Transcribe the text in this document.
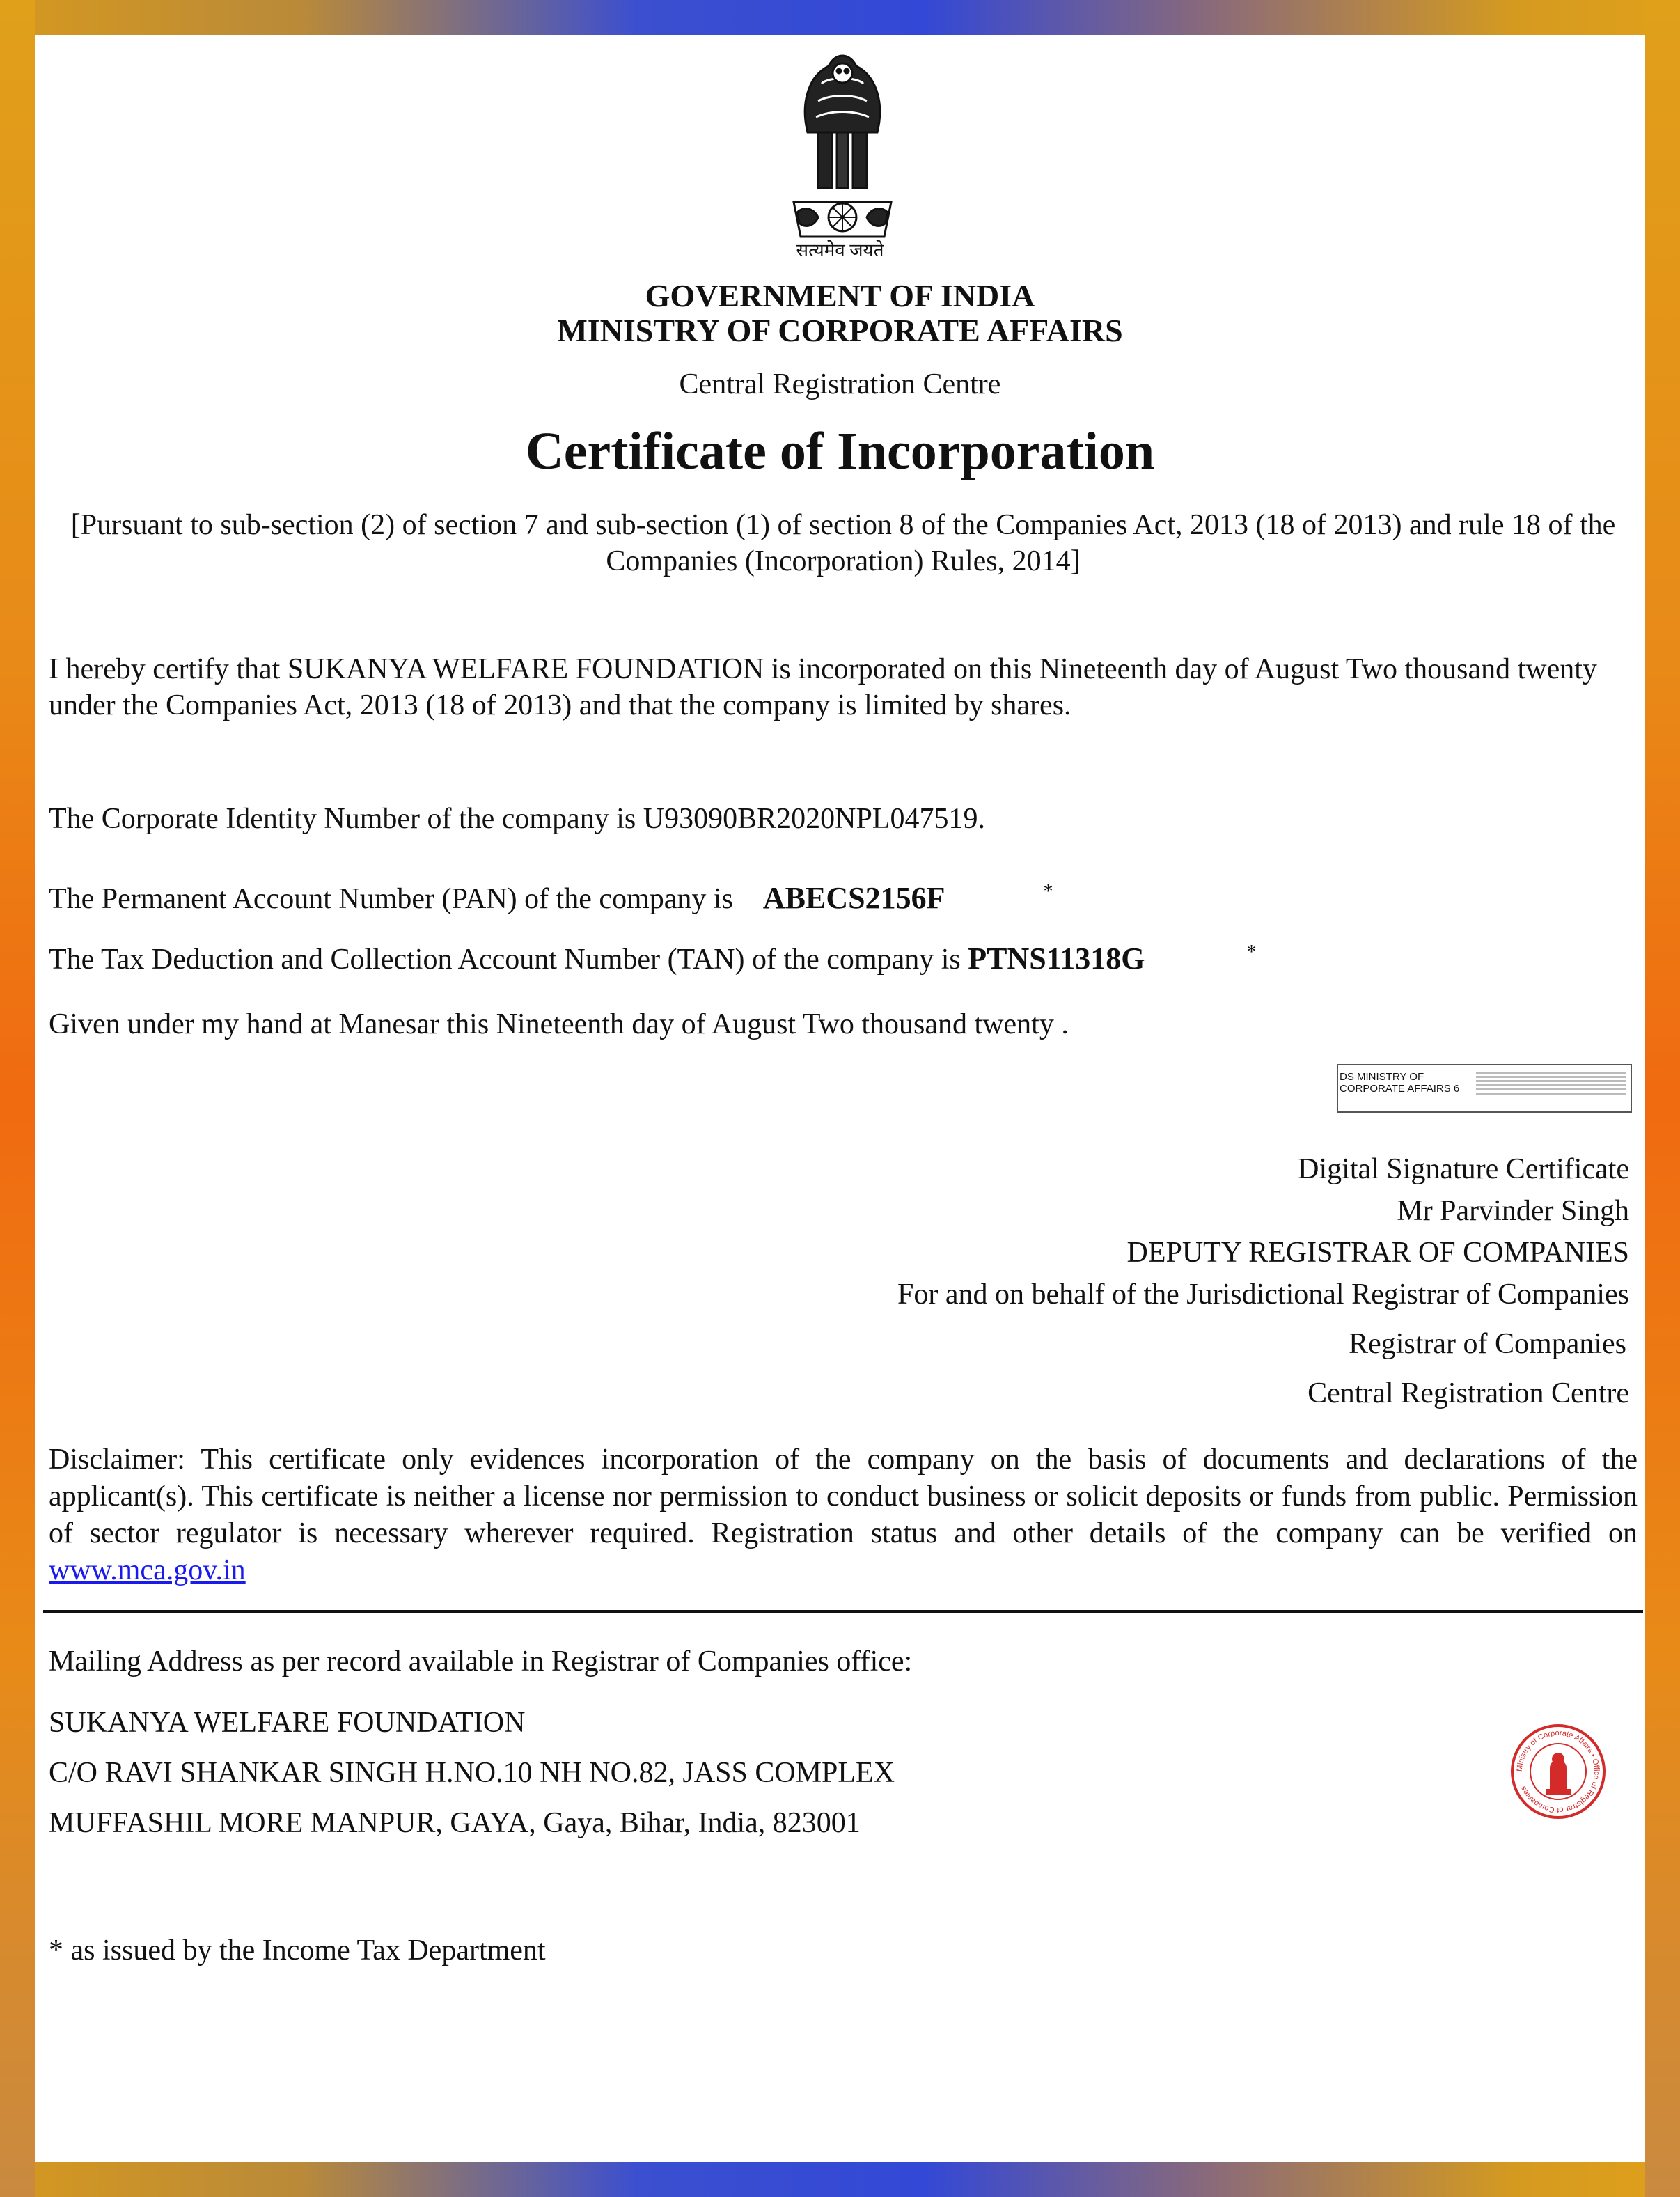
सत्यमेव जयते

GOVERNMENT OF INDIA

MINISTRY OF CORPORATE AFFAIRS

Central Registration Centre

Certificate of Incorporation

[Pursuant to sub-section (2) of section 7 and sub-section (1) of section 8 of the Companies Act, 2013 (18 of 2013) and rule 18 of the Companies (Incorporation) Rules, 2014]

I hereby certify that SUKANYA WELFARE FOUNDATION is incorporated on this Nineteenth day of August Two thousand twenty under the Companies Act, 2013 (18 of 2013) and that the company is limited by shares.

The Corporate Identity Number of the company is U93090BR2020NPL047519.

The Permanent Account Number (PAN) of the company is ABECS2156F	*

The Tax Deduction and Collection Account Number (TAN) of the company is PTNS11318G	*

Given under my hand at Manesar this Nineteenth day of August Two thousand twenty .

DS MINISTRY OF CORPORATE AFFAIRS 6

Digital Signature Certificate

Mr Parvinder Singh

DEPUTY REGISTRAR OF COMPANIES

For and on behalf of the Jurisdictional Registrar of Companies

Registrar of Companies

Central Registration Centre

Disclaimer: This certificate only evidences incorporation of the company on the basis of documents and declarations of the applicant(s). This certificate is neither a license nor permission to conduct business or solicit deposits or funds from public. Permission of sector regulator is necessary wherever required. Registration status and other details of the company can be verified on www.mca.gov.in

Mailing Address as per record available in Registrar of Companies office:

SUKANYA WELFARE FOUNDATION

C/O RAVI SHANKAR SINGH H.NO.10 NH NO.82, JASS COMPLEX

MUFFASHIL MORE MANPUR, GAYA, Gaya, Bihar, India, 823001

Ministry of Corporate Affairs • Office of Registrar of Companies

* as issued by the Income Tax Department
